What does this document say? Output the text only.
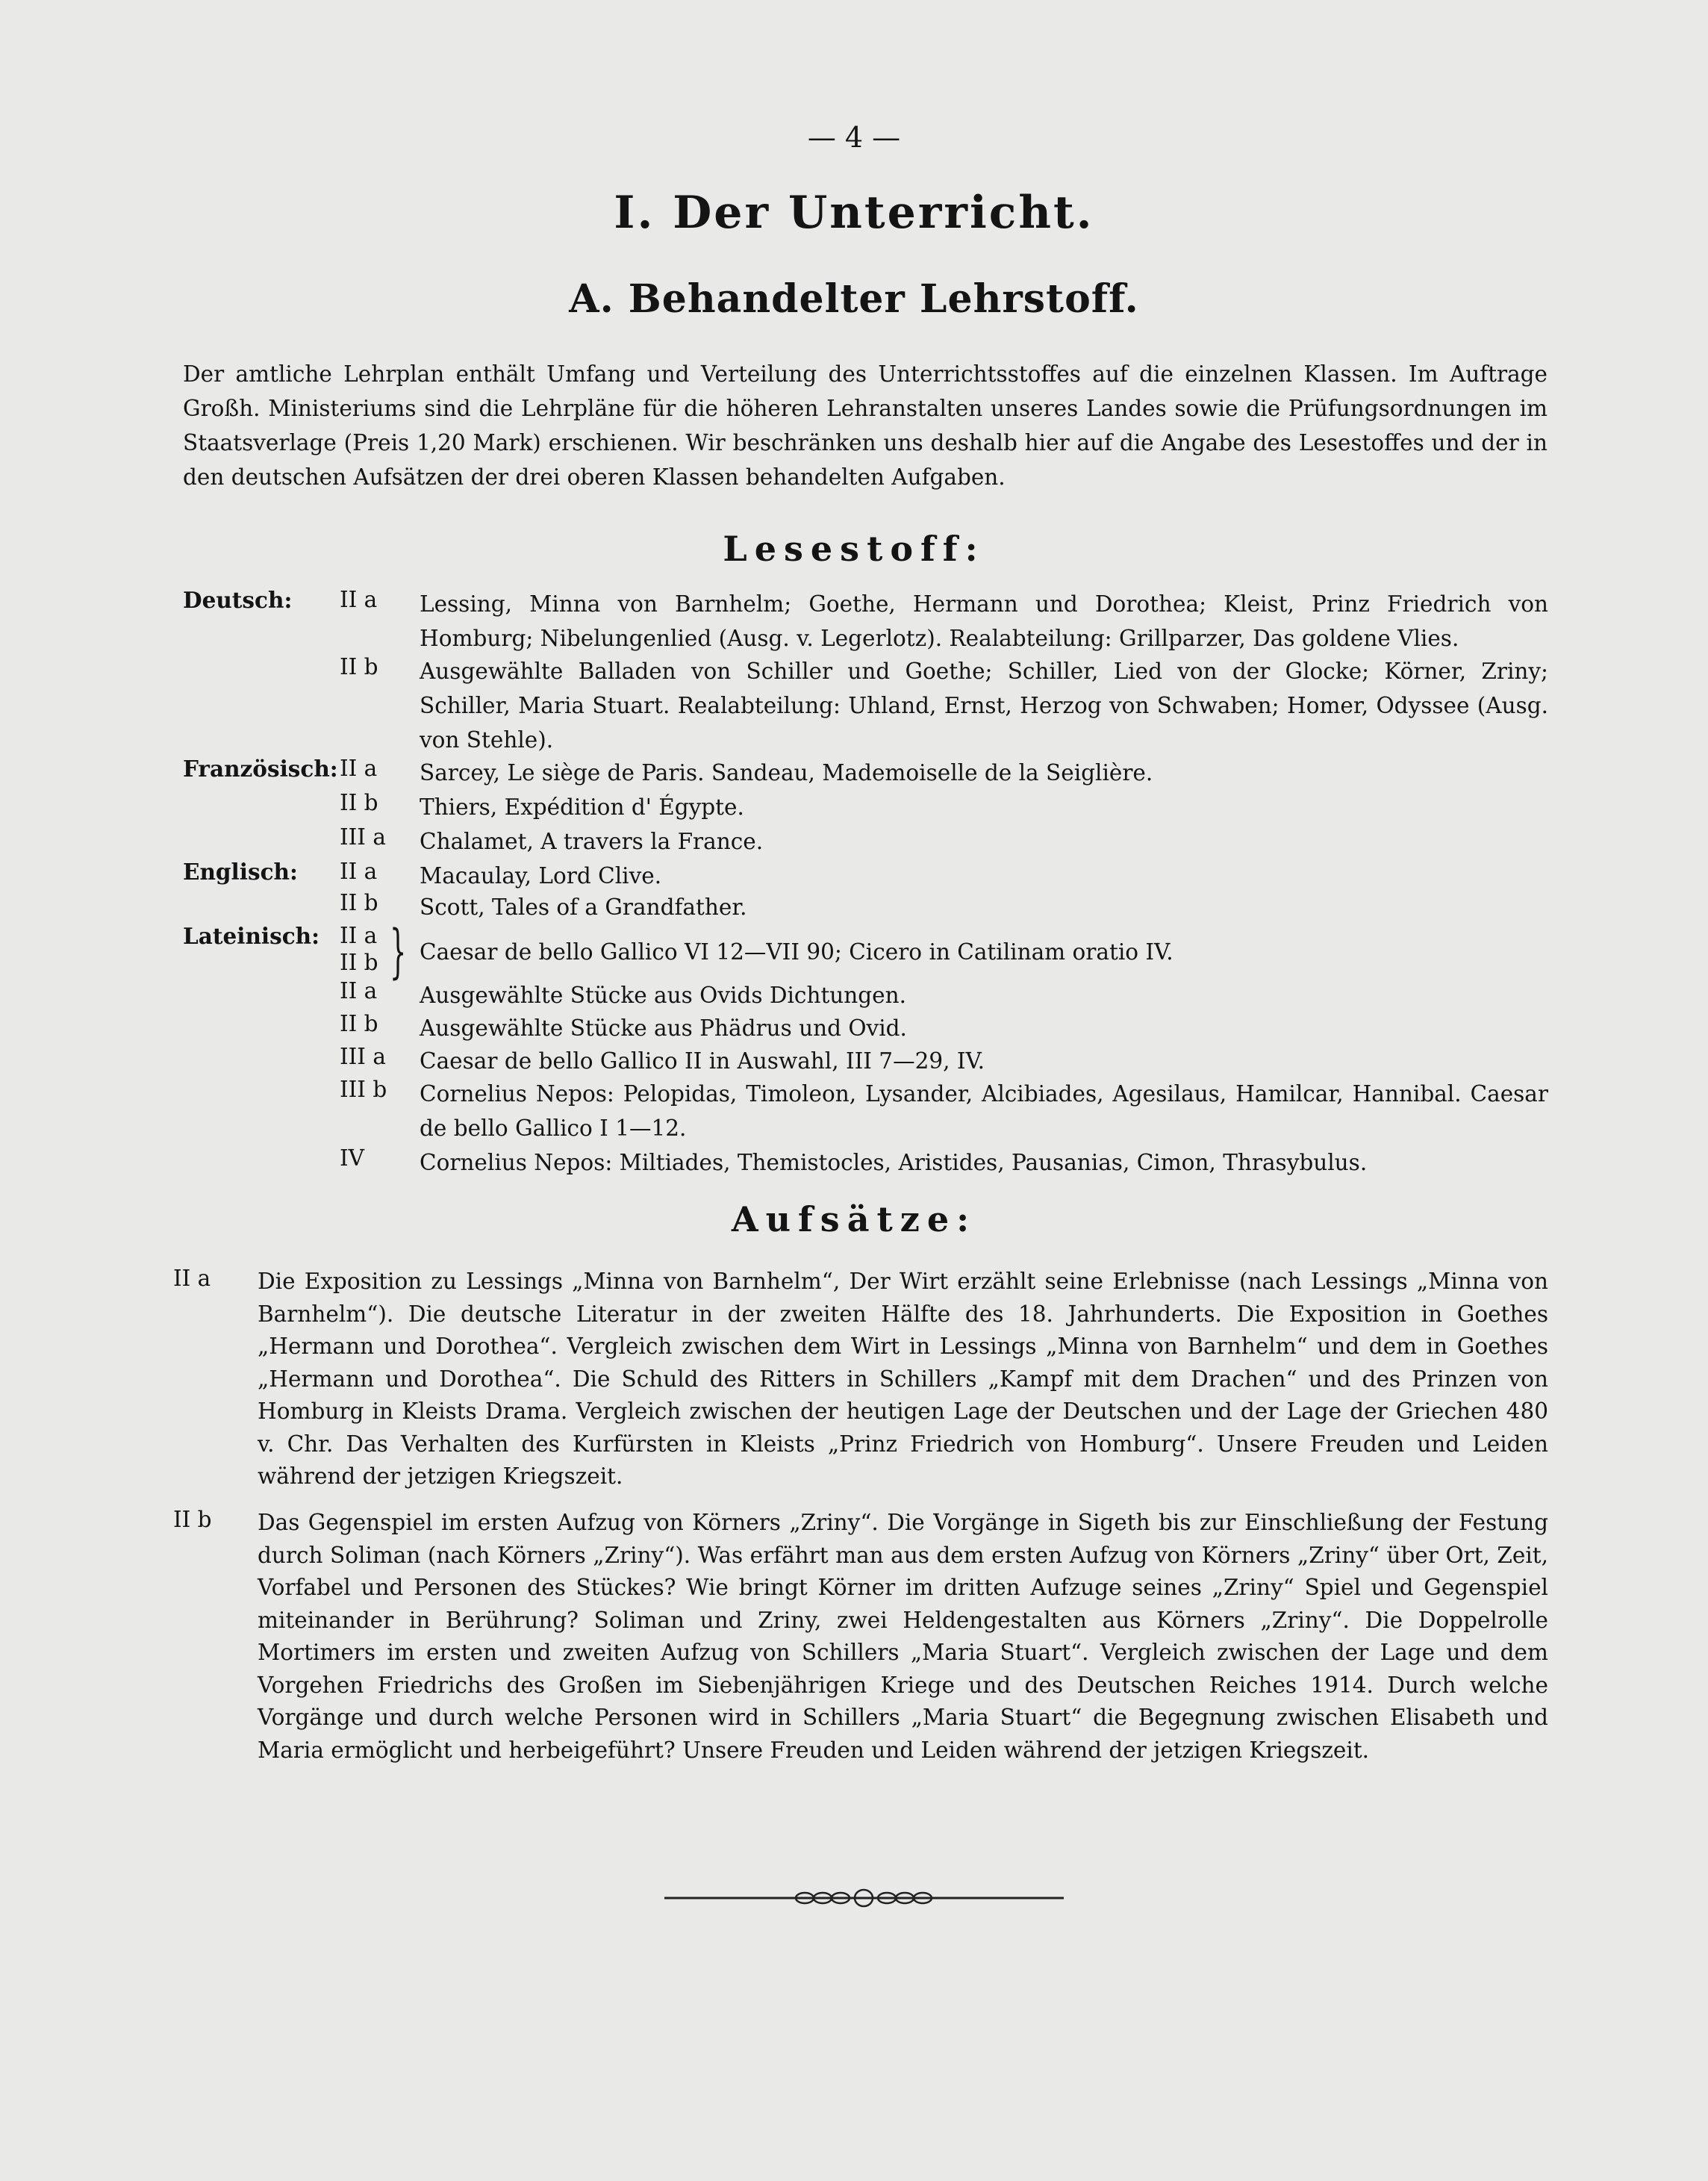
— 4 —
I. Der Unterricht.
A. Behandelter Lehrstoff.
Der amtliche Lehrplan enthält Umfang und Verteilung des Unterrichtsstoffes auf die einzelnen Klassen. Im Auftrage Großh. Ministeriums sind die Lehrpläne für die höheren Lehranstalten unseres Landes sowie die Prüfungsordnungen im Staatsverlage (Preis 1,20 Mark) erschienen. Wir beschränken uns deshalb hier auf die Angabe des Lesestoffes und der in den deutschen Aufsätzen der drei oberen Klassen behandelten Aufgaben.
Lesestoff:
Deutsch: II a Lessing, Minna von Barnhelm; Goethe, Hermann und Dorothea; Kleist, Prinz Friedrich von Homburg; Nibelungenlied (Ausg. v. Legerlotz). Realabteilung: Grillparzer, Das goldene Vlies.
II b Ausgewählte Balladen von Schiller und Goethe; Schiller, Lied von der Glocke; Körner, Zriny; Schiller, Maria Stuart. Realabteilung: Uhland, Ernst, Herzog von Schwaben; Homer, Odyssee (Ausg. von Stehle).
Französisch: II a Sarcey, Le siège de Paris. Sandeau, Mademoiselle de la Seiglière.
II b Thiers, Expédition d' Égypte.
III a Chalamet, A travers la France.
Englisch: II a Macaulay, Lord Clive.
II b Scott, Tales of a Grandfather.
Lateinisch: II a
II b } Caesar de bello Gallico VI 12—VII 90; Cicero in Catilinam oratio IV.
II a Ausgewählte Stücke aus Ovids Dichtungen.
II b Ausgewählte Stücke aus Phädrus und Ovid.
III a Caesar de bello Gallico II in Auswahl, III 7—29, IV.
III b Cornelius Nepos: Pelopidas, Timoleon, Lysander, Alcibiades, Agesilaus, Hamilcar, Hannibal. Caesar de bello Gallico I 1—12.
IV	Cornelius Nepos: Miltiades, Themistocles, Aristides, Pausanias, Cimon, Thrasybulus.
Aufsätze:
II a Die Exposition zu Lessings „Minna von Barnhelm“, Der Wirt erzählt seine Erlebnisse (nach Lessings „Minna von Barnhelm“). Die deutsche Literatur in der zweiten Hälfte des 18. Jahrhunderts. Die Exposition in Goethes „Hermann und Dorothea“. Vergleich zwischen dem Wirt in Lessings „Minna von Barnhelm“ und dem in Goethes „Hermann und Dorothea“. Die Schuld des Ritters in Schillers „Kampf mit dem Drachen“ und des Prinzen von Homburg in Kleists Drama. Vergleich zwischen der heutigen Lage der Deutschen und der Lage der Griechen 480 v. Chr. Das Verhalten des Kurfürsten in Kleists „Prinz Friedrich von Homburg“. Unsere Freuden und Leiden während der jetzigen Kriegszeit.
II b Das Gegenspiel im ersten Aufzug von Körners „Zriny“. Die Vorgänge in Sigeth bis zur Einschließung der Festung durch Soliman (nach Körners „Zriny“). Was erfährt man aus dem ersten Aufzug von Körners „Zriny“ über Ort, Zeit, Vorfabel und Personen des Stückes? Wie bringt Körner im dritten Aufzuge seines „Zriny“ Spiel und Gegenspiel miteinander in Berührung? Soliman und Zriny, zwei Heldengestalten aus Körners „Zriny“. Die Doppelrolle Mortimers im ersten und zweiten Aufzug von Schillers „Maria Stuart“. Vergleich zwischen der Lage und dem Vorgehen Friedrichs des Großen im Siebenjährigen Kriege und des Deutschen Reiches 1914. Durch welche Vorgänge und durch welche Personen wird in Schillers „Maria Stuart“ die Begegnung zwischen Elisabeth und Maria ermöglicht und herbeigeführt? Unsere Freuden und Leiden während der jetzigen Kriegszeit.
